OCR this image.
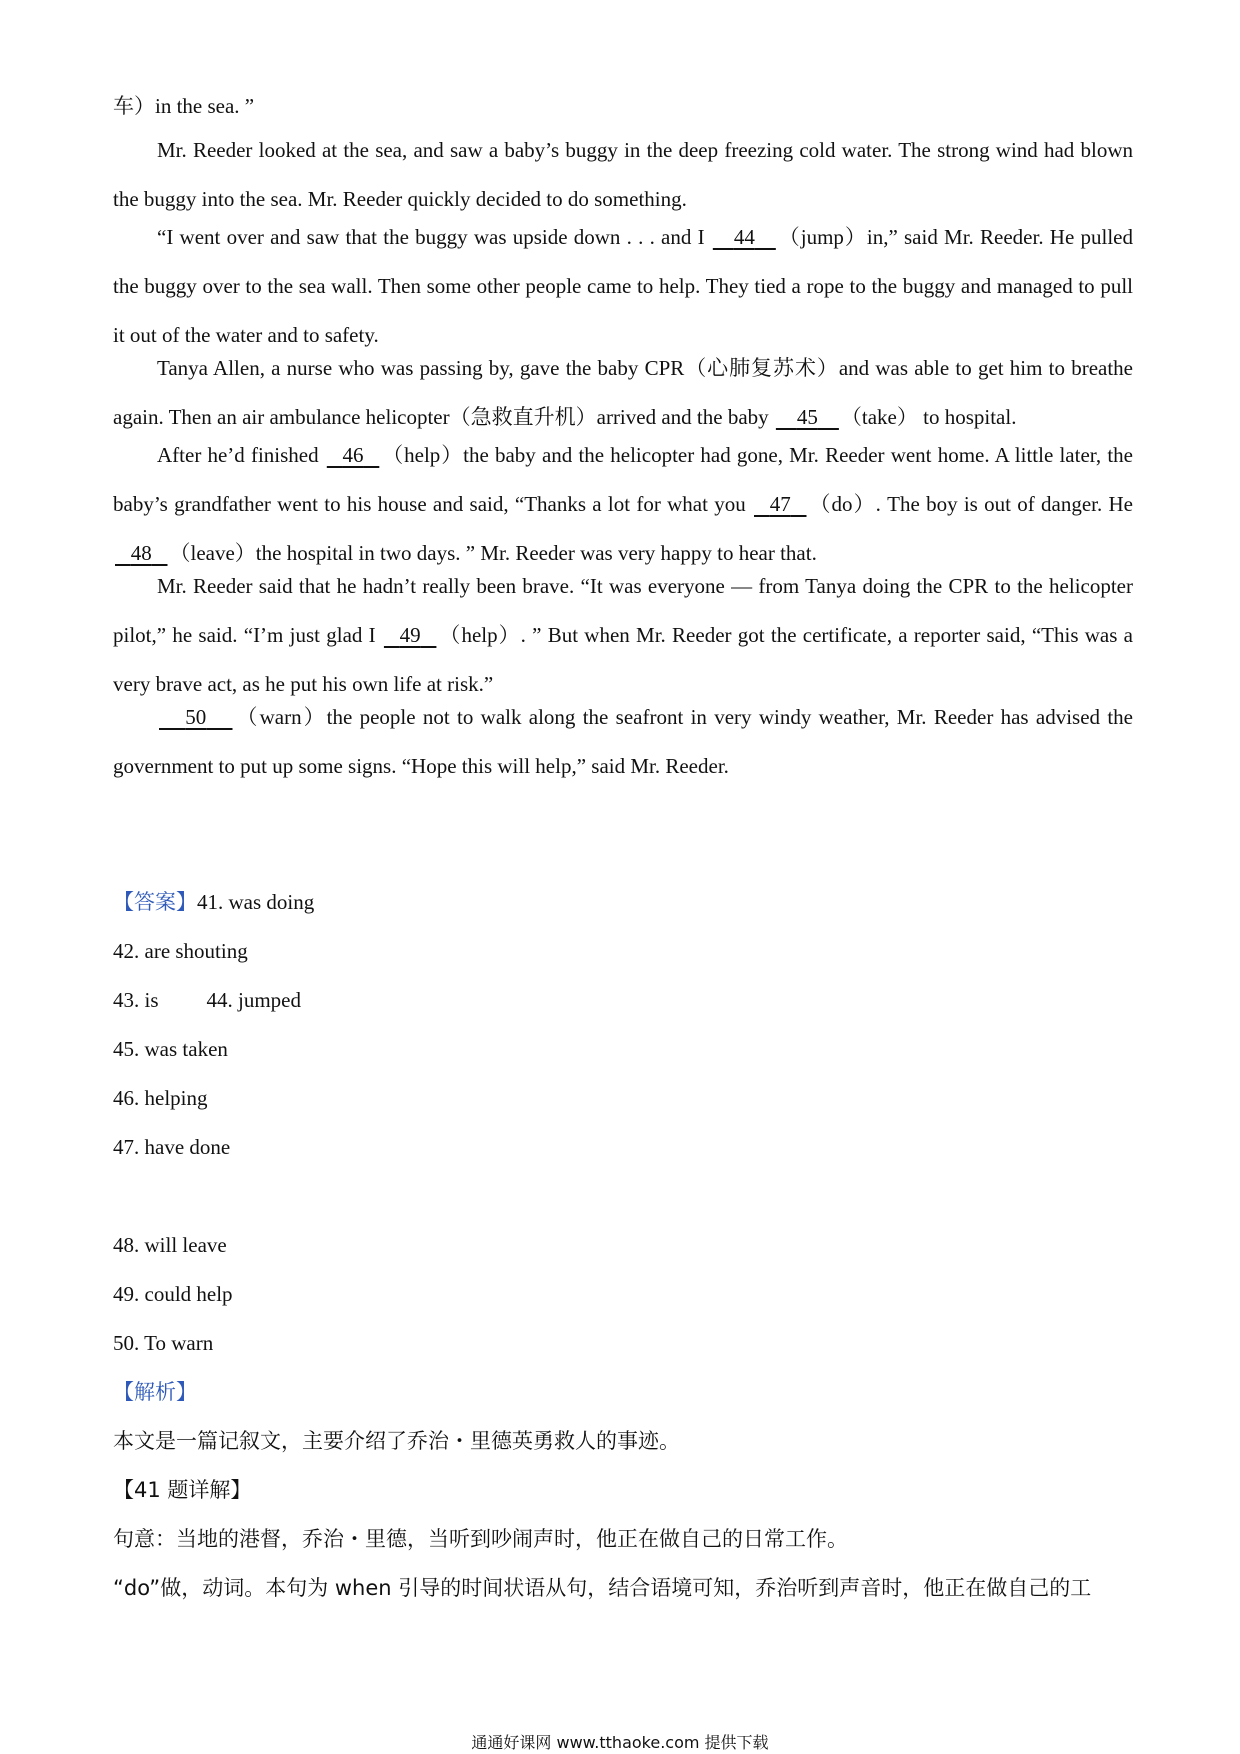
车）in the sea. ”

Mr. Reeder looked at the sea, and saw a baby’s buggy in the deep freezing cold water. The strong wind had blown the buggy into the sea. Mr. Reeder quickly decided to do something.

“I went over and saw that the buggy was upside down . . . and I 44 （jump）in,” said Mr. Reeder. He pulled the buggy over to the sea wall. Then some other people came to help. They tied a rope to the buggy and managed to pull it out of the water and to safety.

Tanya Allen, a nurse who was passing by, gave the baby CPR（心肺复苏术）and was able to get him to breathe again. Then an air ambulance helicopter（急救直升机）arrived and the baby 45 （take） to hospital.

After he’d finished 46 （help）the baby and the helicopter had gone, Mr. Reeder went home. A little later, the baby’s grandfather went to his house and said, “Thanks a lot for what you 47 （do）. The boy is out of danger. He    48 （leave）the hospital in two days. ” Mr. Reeder was very happy to hear that.

Mr. Reeder said that he hadn’t really been brave. “It was everyone — from Tanya doing the CPR to the helicopter pilot,” he said. “I’m just glad I 49 （help）. ” But when Mr. Reeder got the certificate, a reporter said, “This was a very brave act, as he put his own life at risk.”

50 （warn）the people not to walk along the seafront in very windy weather, Mr. Reeder has advised the government to put up some signs. “Hope this will help,” said Mr. Reeder.

【答案】41. was doing

42. are shouting

43. is 44. jumped

45. was taken

46. helping

47. have done

48. will leave

49. could help

50. To warn

【解析】

本文是一篇记叙文，主要介绍了乔治・里德英勇救人的事迹。

【41 题详解】

句意：当地的港督，乔治・里德，当听到吵闹声时，他正在做自己的日常工作。

“do”做，动词。本句为 when 引导的时间状语从句，结合语境可知，乔治听到声音时，他正在做自己的工

通通好课网 www.tthaoke.com 提供下载
